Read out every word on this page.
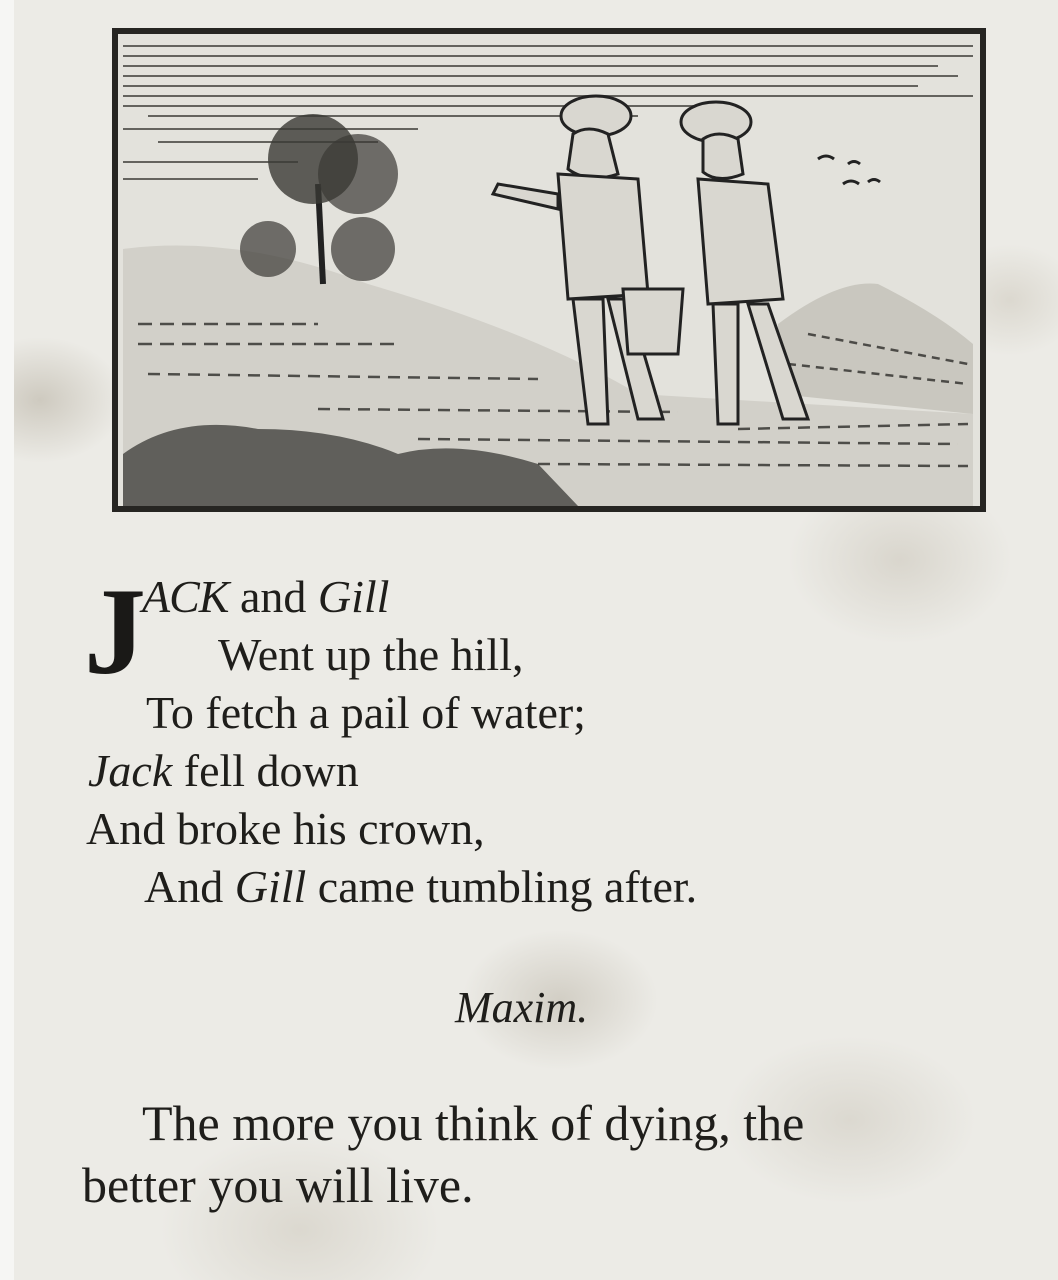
J
ACK and Gill
Went up the hill,
To fetch a pail of water;
Jack fell down
And broke his crown,
And Gill came tumbling after.
Maxim.
The more you think of dying, the
better you will live.
